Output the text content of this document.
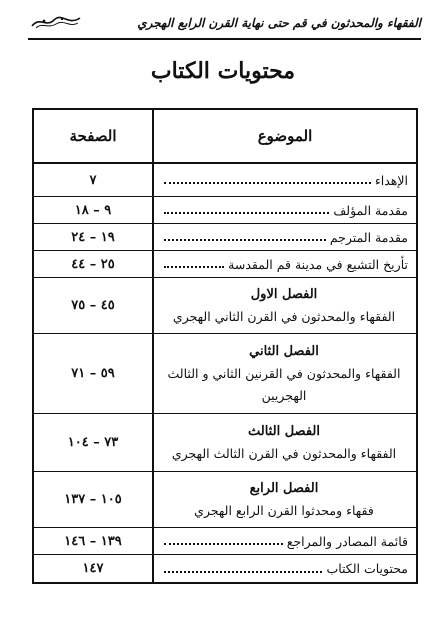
الفقهاء والمحدثون في قم حتى نهاية القرن الرابع الهجري
محتويات الكتاب
الموضوع
الصفحة
الإهداء
٧
مقدمة المؤلف
٩ – ١٨
مقدمة المترجم
١٩ – ٢٤
تأريخ التشيع في مدينة قم المقدسة
٢٥ – ٤٤
الفصل الاول
الفقهاء والمحدثون في القرن الثاني الهجري
٤٥ – ٧٥
الفصل الثاني
الفقهاء والمحدثون في القرنين الثاني و الثالث
الهجريين
٥٩ – ٧١
الفصل الثالث
الفقهاء والمحدثون في القرن الثالث الهجري
٧٣ – ١٠٤
الفصل الرابع
فقهاء ومحدثوا القرن الرابع الهجري
١٠٥ – ١٣٧
قائمة المصادر والمراجع
١٣٩ – ١٤٦
محتويات الكتاب
١٤٧
